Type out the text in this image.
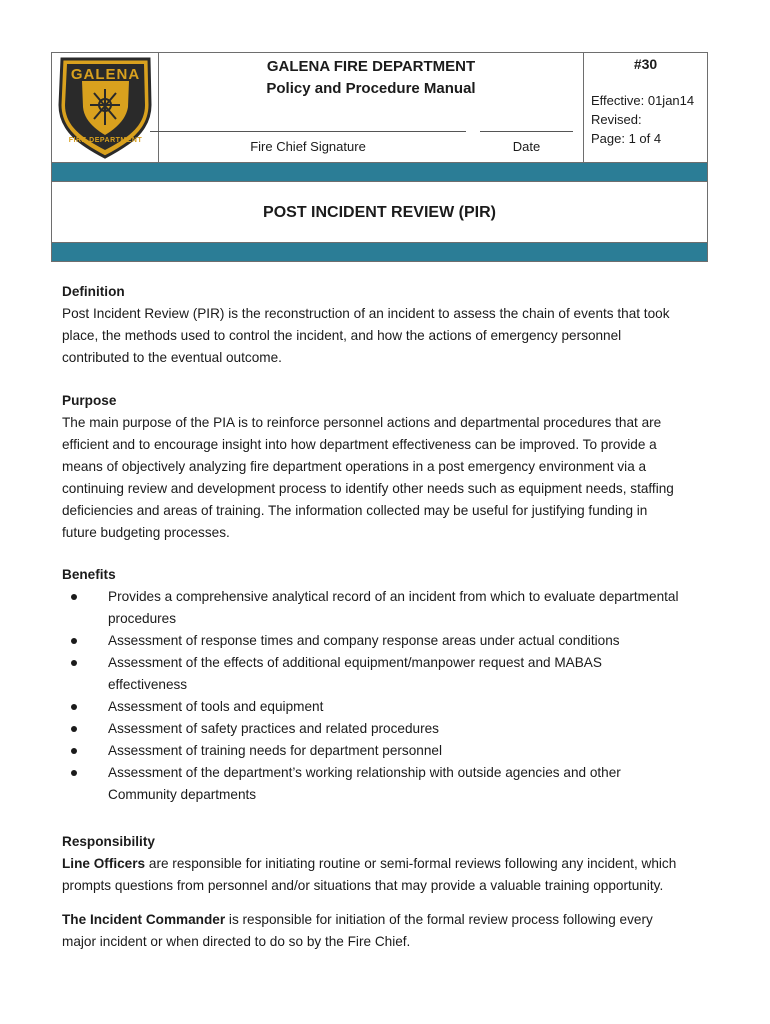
GALENA
FIRE DEPARTMENT
GALENA FIRE DEPARTMENT
Policy and Procedure Manual
Fire Chief Signature	Date
#30
Effective: 01jan14
Revised:
Page: 1 of 4
POST INCIDENT REVIEW (PIR)

Definition

Post Incident Review (PIR) is the reconstruction of an incident to assess the chain of events that took

place, the methods used to control the incident, and how the actions of emergency personnel

contributed to the eventual outcome.

Purpose

The main purpose of the PIA is to reinforce personnel actions and departmental procedures that are

efficient and to encourage insight into how department effectiveness can be improved. To provide a

means of objectively analyzing fire department operations in a post emergency environment via a

continuing review and development process to identify other needs such as equipment needs, staffing

deficiencies and areas of training. The information collected may be useful for justifying funding in

future budgeting processes.

Benefits

Provides a comprehensive analytical record of an incident from which to evaluate departmental
procedures
Assessment of response times and company response areas under actual conditions
Assessment of the effects of additional equipment/manpower request and MABAS
effectiveness
Assessment of tools and equipment
Assessment of safety practices and related procedures
Assessment of training needs for department personnel
Assessment of the department’s working relationship with outside agencies and other
Community departments

Responsibility

Line Officers are responsible for initiating routine or semi-formal reviews following any incident, which
prompts questions from personnel and/or situations that may provide a valuable training opportunity.

The Incident Commander is responsible for initiation of the formal review process following every
major incident or when directed to do so by the Fire Chief.
